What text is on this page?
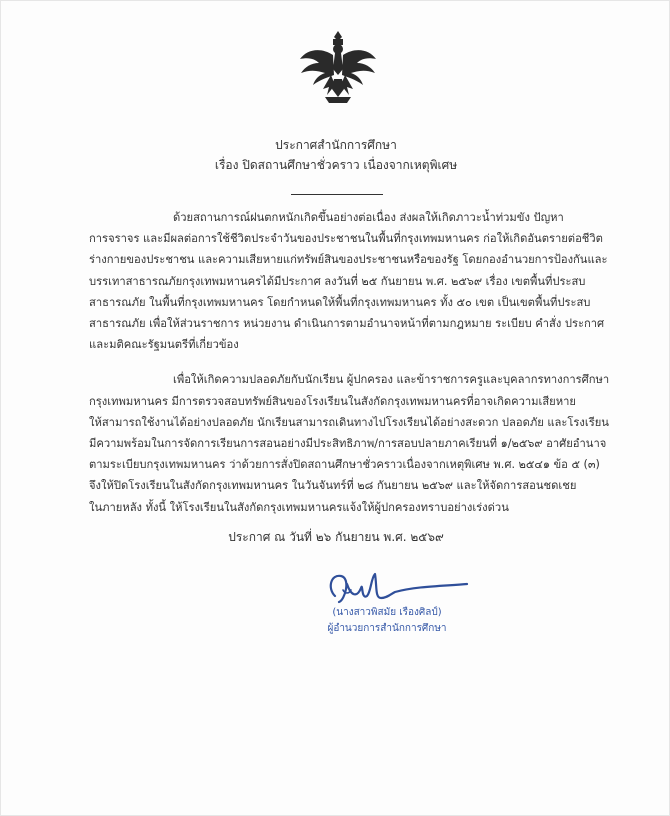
ประกาศสำนักการศึกษา
เรื่อง ปิดสถานศึกษาชั่วคราว เนื่องจากเหตุพิเศษ
ด้วยสถานการณ์ฝนตกหนักเกิดขึ้นอย่างต่อเนื่อง ส่งผลให้เกิดภาวะน้ำท่วมขัง ปัญหา
การจราจร และมีผลต่อการใช้ชีวิตประจำวันของประชาชนในพื้นที่กรุงเทพมหานคร ก่อให้เกิดอันตรายต่อชีวิต
ร่างกายของประชาชน และความเสียหายแก่ทรัพย์สินของประชาชนหรือของรัฐ โดยกองอำนวยการป้องกันและ
บรรเทาสาธารณภัยกรุงเทพมหานครได้มีประกาศ ลงวันที่ ๒๕ กันยายน พ.ศ. ๒๕๖๙ เรื่อง เขตพื้นที่ประสบ
สาธารณภัย ในพื้นที่กรุงเทพมหานคร โดยกำหนดให้พื้นที่กรุงเทพมหานคร ทั้ง ๕๐ เขต เป็นเขตพื้นที่ประสบ
สาธารณภัย เพื่อให้ส่วนราชการ หน่วยงาน ดำเนินการตามอำนาจหน้าที่ตามกฎหมาย ระเบียบ คำสั่ง ประกาศ
และมติคณะรัฐมนตรีที่เกี่ยวข้อง
เพื่อให้เกิดความปลอดภัยกับนักเรียน ผู้ปกครอง และข้าราชการครูและบุคลากรทางการศึกษา
กรุงเทพมหานคร มีการตรวจสอบทรัพย์สินของโรงเรียนในสังกัดกรุงเทพมหานครที่อาจเกิดความเสียหาย
ให้สามารถใช้งานได้อย่างปลอดภัย นักเรียนสามารถเดินทางไปโรงเรียนได้อย่างสะดวก ปลอดภัย และโรงเรียน
มีความพร้อมในการจัดการเรียนการสอนอย่างมีประสิทธิภาพ/การสอบปลายภาคเรียนที่ ๑/๒๕๖๙ อาศัยอำนาจ
ตามระเบียบกรุงเทพมหานคร ว่าด้วยการสั่งปิดสถานศึกษาชั่วคราวเนื่องจากเหตุพิเศษ พ.ศ. ๒๕๔๑ ข้อ ๕ (๓)
จึงให้ปิดโรงเรียนในสังกัดกรุงเทพมหานคร ในวันจันทร์ที่ ๒๘ กันยายน ๒๕๖๙ และให้จัดการสอนชดเชย
ในภายหลัง ทั้งนี้ ให้โรงเรียนในสังกัดกรุงเทพมหานครแจ้งให้ผู้ปกครองทราบอย่างเร่งด่วน
ประกาศ ณ วันที่ ๒๖ กันยายน พ.ศ. ๒๕๖๙
(นางสาวพิสมัย เรืองศิลป์)
ผู้อำนวยการสำนักการศึกษา
